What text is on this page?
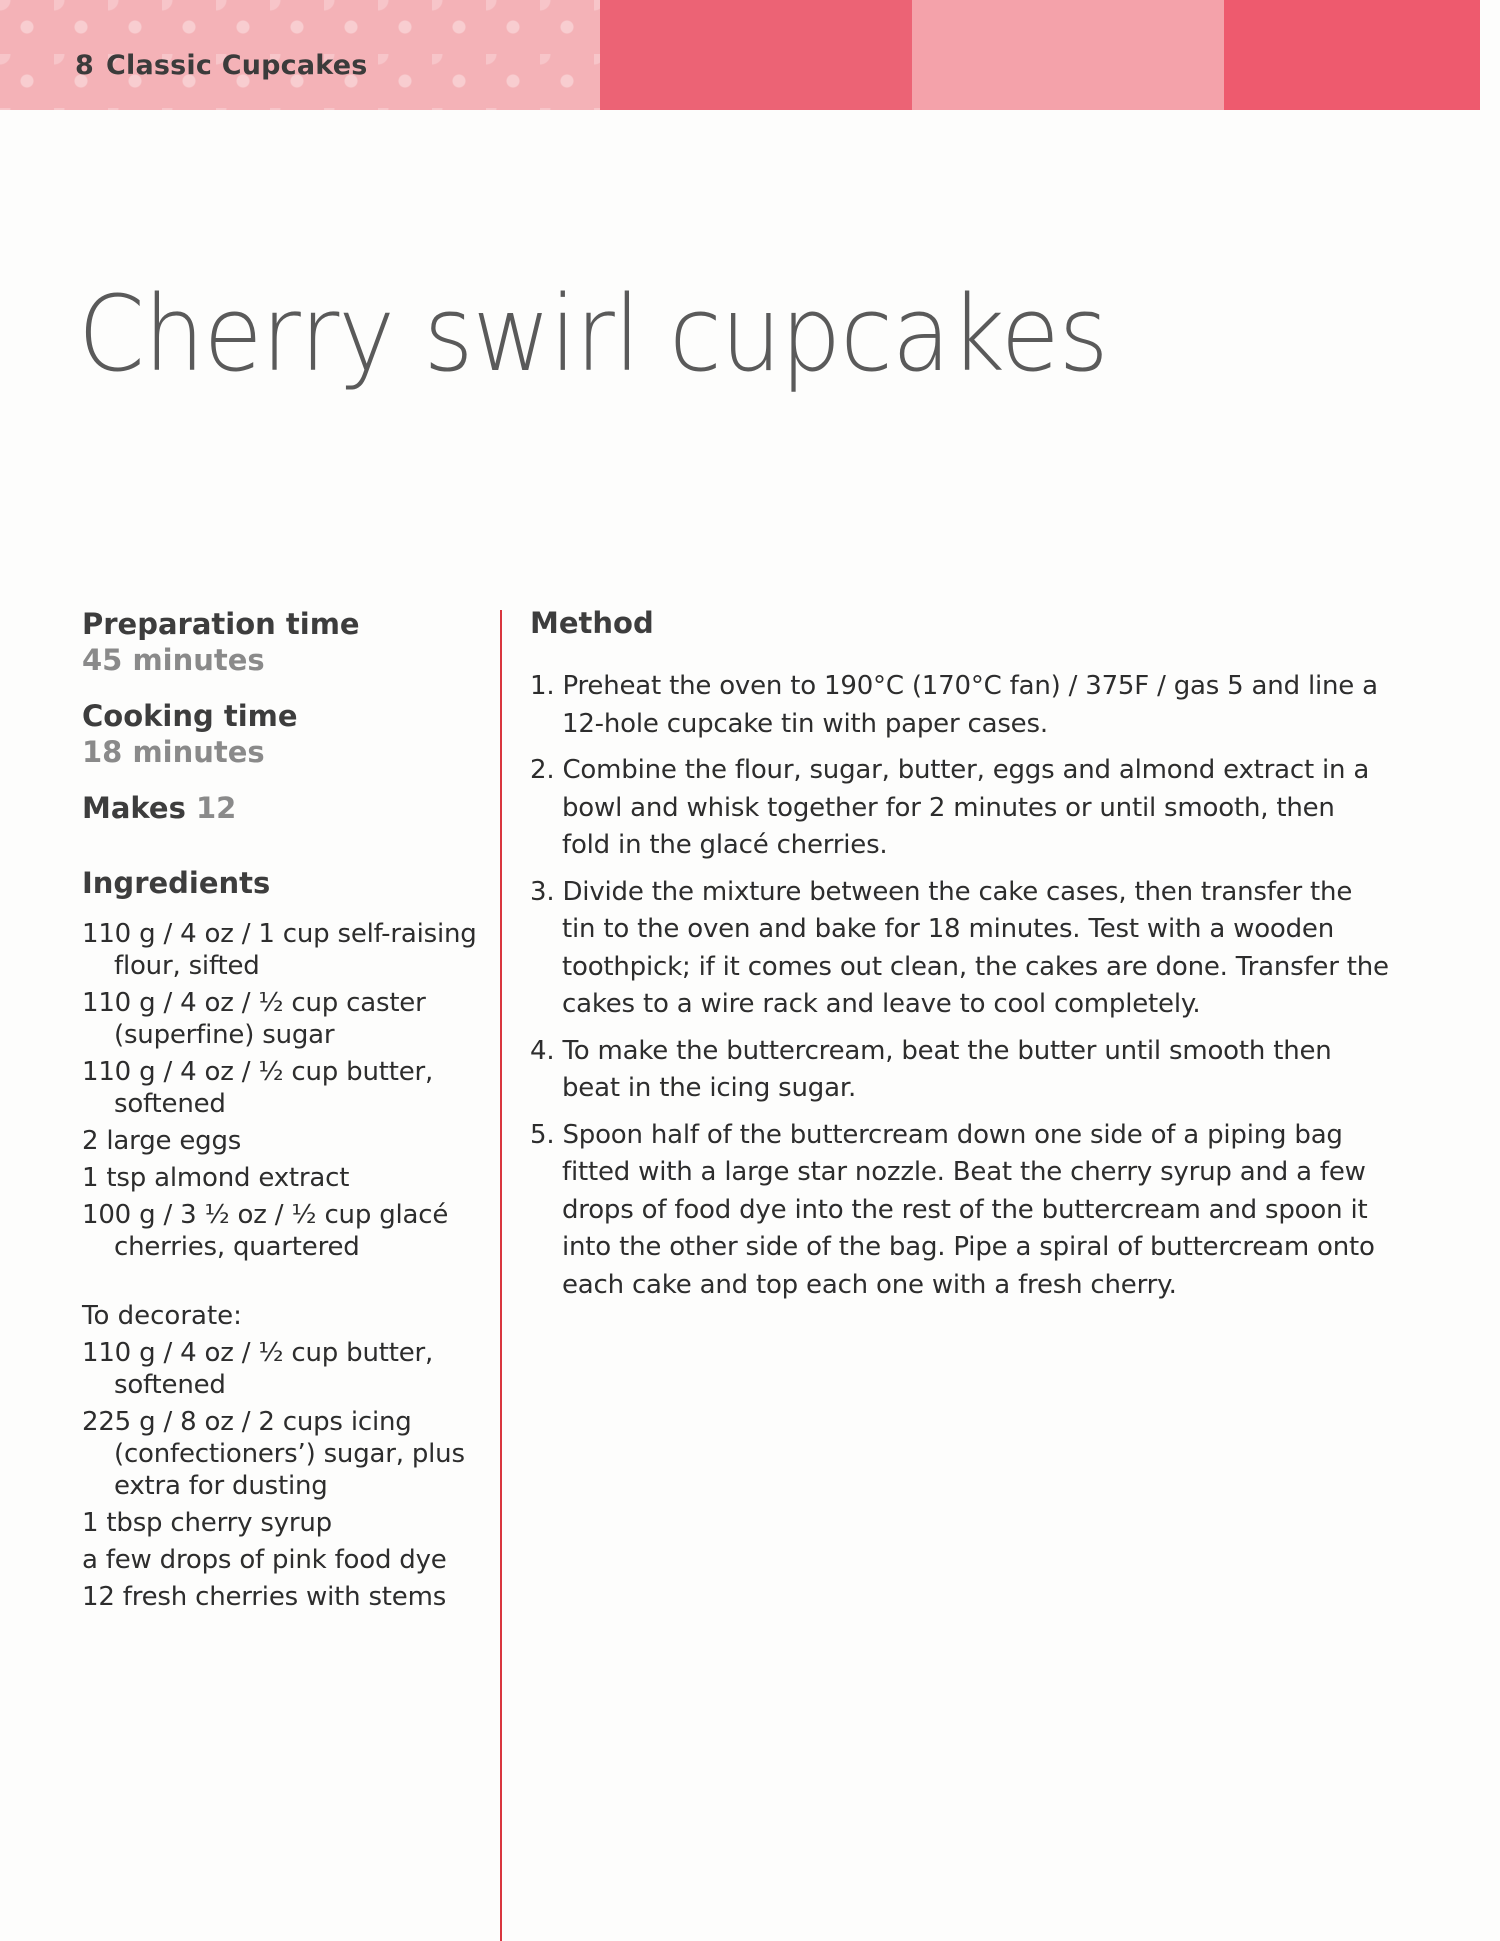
8 Classic Cupcakes
Cherry swirl cupcakes
Preparation time
45 minutes
Cooking time
18 minutes
Makes 12
Ingredients
110 g / 4 oz / 1 cup self-raising flour, sifted
110 g / 4 oz / ½ cup caster (superfine) sugar
110 g / 4 oz / ½ cup butter, softened
2 large eggs
1 tsp almond extract
100 g / 3 ½ oz / ½ cup glacé cherries, quartered
To decorate:
110 g / 4 oz / ½ cup butter, softened
225 g / 8 oz / 2 cups icing (confectioners’) sugar, plus extra for dusting
1 tbsp cherry syrup
a few drops of pink food dye
12 fresh cherries with stems
Method
1. Preheat the oven to 190°C (170°C fan) / 375F / gas 5 and line a 12-hole cupcake tin with paper cases.
2. Combine the flour, sugar, butter, eggs and almond extract in a bowl and whisk together for 2 minutes or until smooth, then fold in the glacé cherries.
3. Divide the mixture between the cake cases, then transfer the tin to the oven and bake for 18 minutes. Test with a wooden toothpick; if it comes out clean, the cakes are done. Transfer the cakes to a wire rack and leave to cool completely.
4. To make the buttercream, beat the butter until smooth then beat in the icing sugar.
5. Spoon half of the buttercream down one side of a piping bag fitted with a large star nozzle. Beat the cherry syrup and a few drops of food dye into the rest of the buttercream and spoon it into the other side of the bag. Pipe a spiral of buttercream onto each cake and top each one with a fresh cherry.
